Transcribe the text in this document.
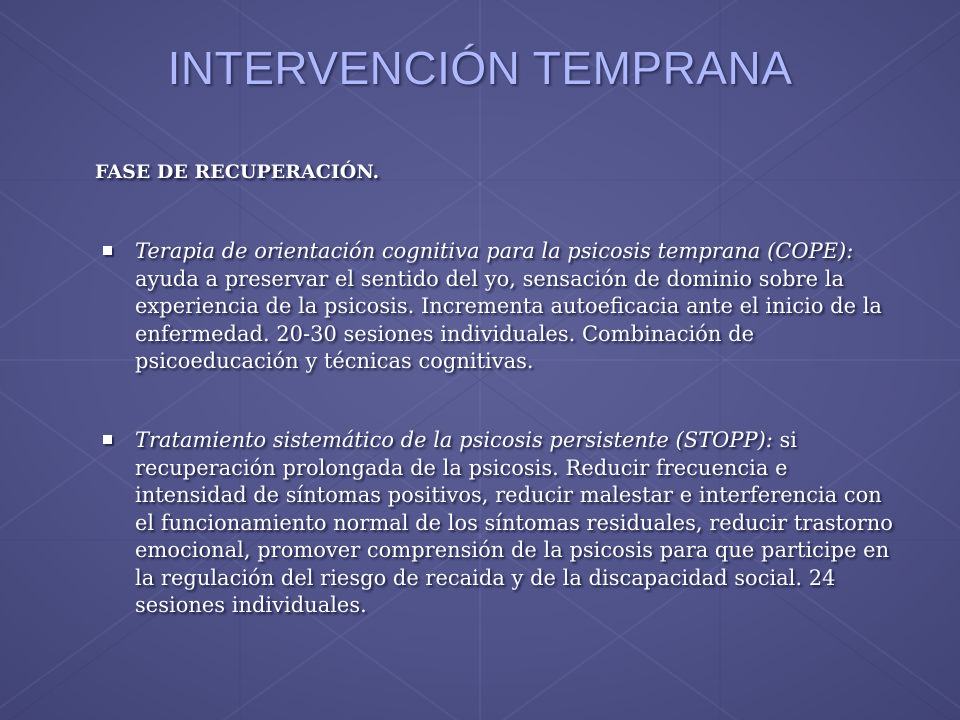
INTERVENCIÓN TEMPRANA
FASE DE RECUPERACIÓN.
Terapia de orientación cognitiva para la psicosis temprana (COPE): ayuda a preservar el sentido del yo, sensación de dominio sobre la experiencia de la psicosis. Incrementa autoeficacia ante el inicio de la enfermedad. 20-30 sesiones individuales. Combinación de psicoeducación y técnicas cognitivas.
Tratamiento sistemático de la psicosis persistente (STOPP): si recuperación prolongada de la psicosis. Reducir frecuencia e intensidad de síntomas positivos, reducir malestar e interferencia con el funcionamiento normal de los síntomas residuales, reducir trastorno emocional, promover comprensión de la psicosis para que participe en la regulación del riesgo de recaida y de la discapacidad social. 24 sesiones individuales.
